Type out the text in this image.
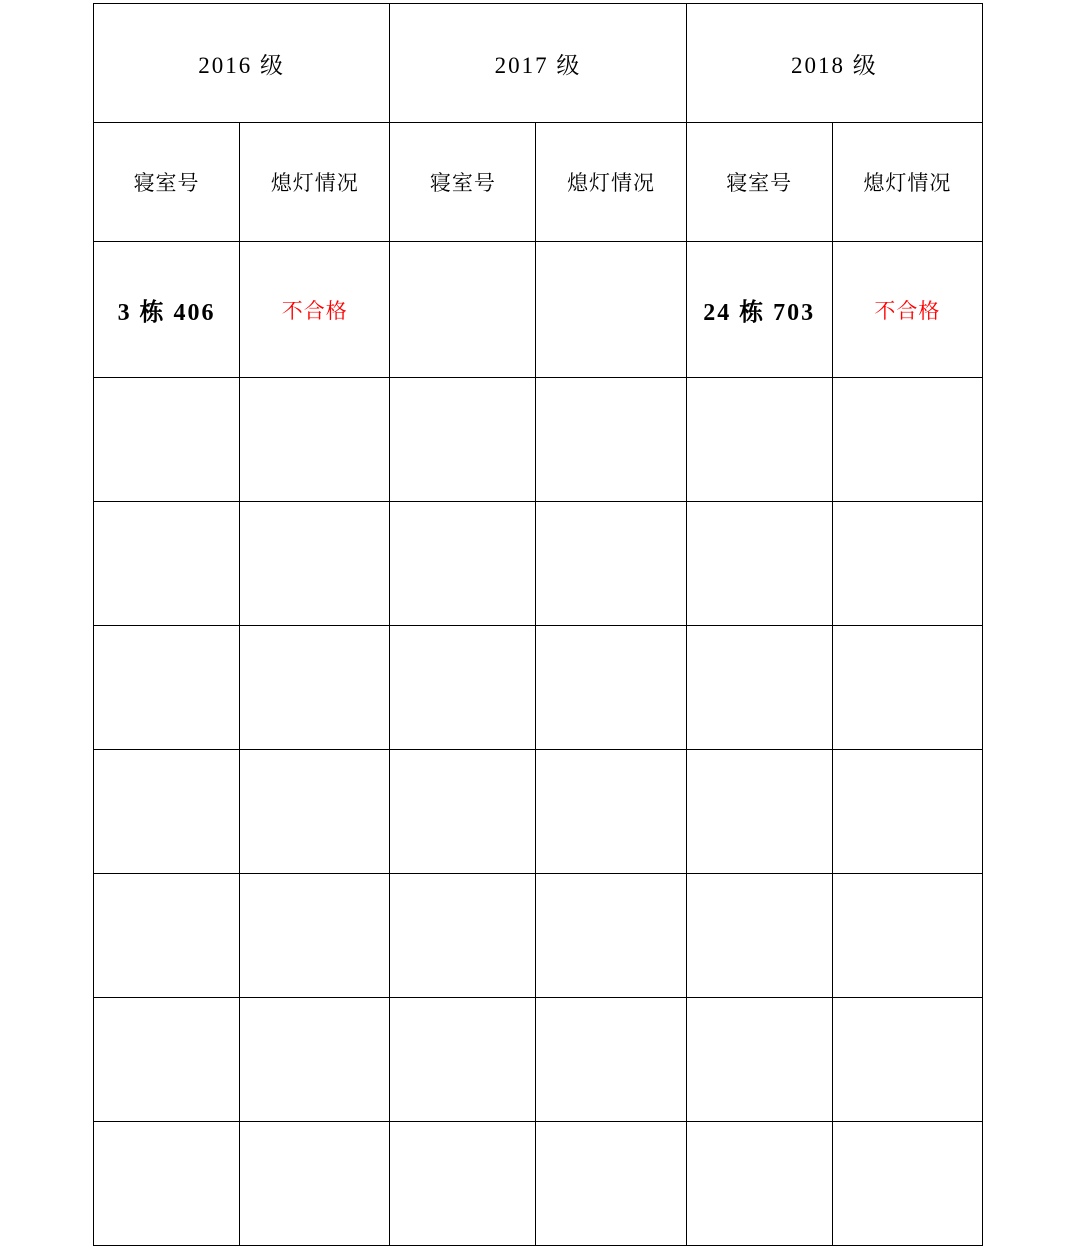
2016 级		2017 级		2018 级	
寝室号	熄灯情况	寝室号	熄灯情况	寝室号	熄灯情况
3 栋 406	不合格			24 栋 703	不合格
